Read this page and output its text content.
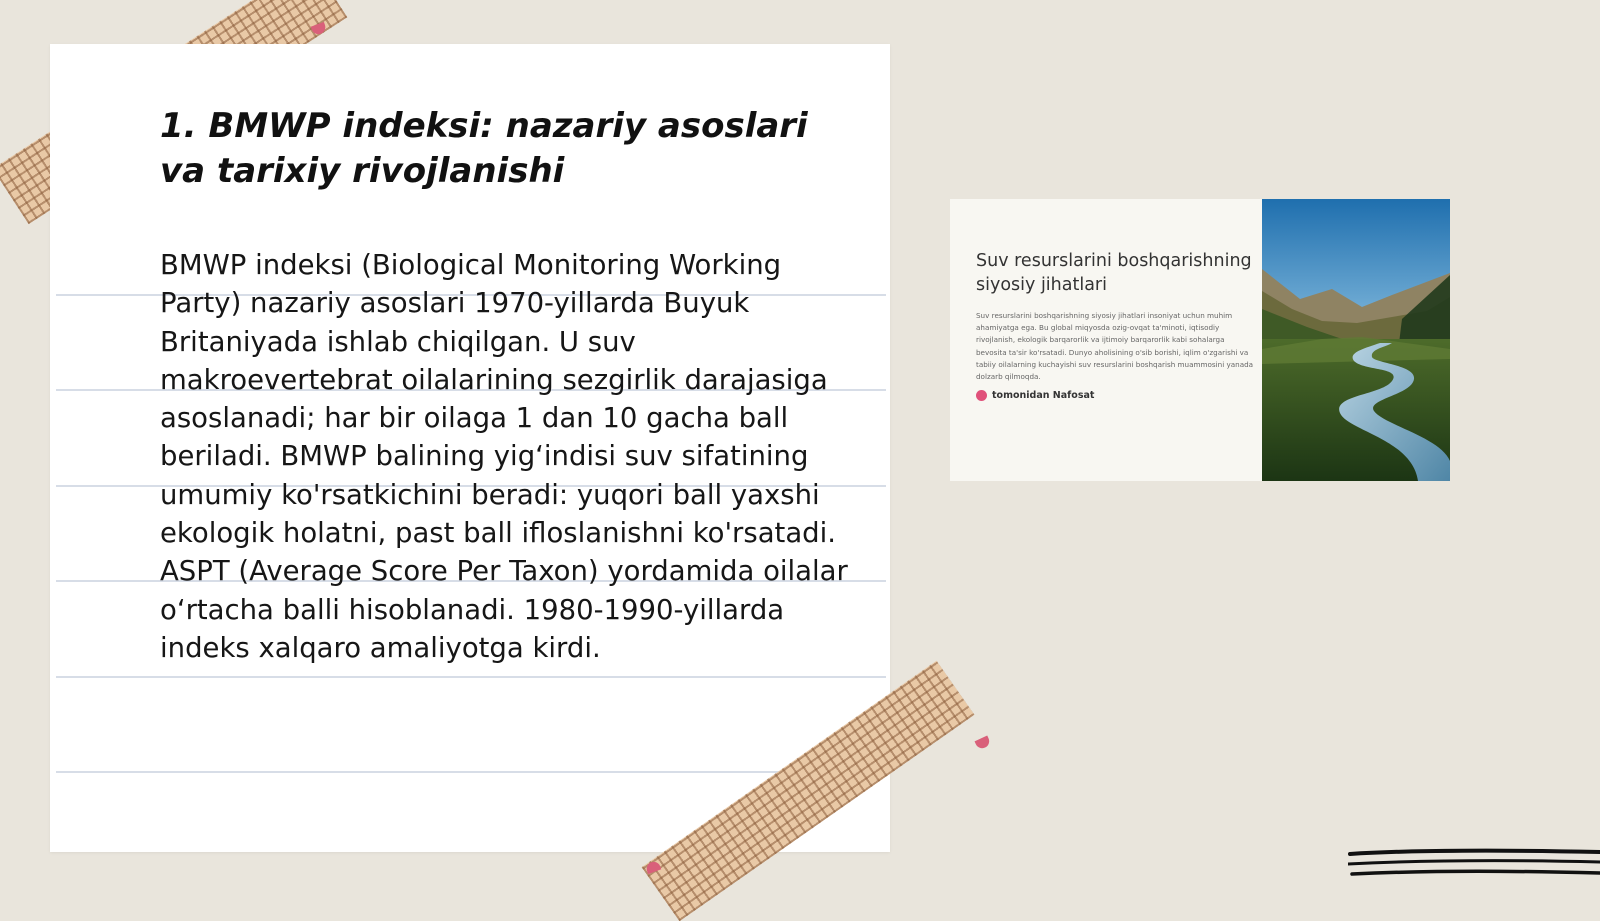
1. BMWP indeksi: nazariy asoslari va tarixiy rivojlanishi

BMWP indeksi (Biological Monitoring Working Party) nazariy asoslari 1970-yillarda Buyuk Britaniyada ishlab chiqilgan. U suv makroevertebrat oilalarining sezgirlik darajasiga asoslanadi; har bir oilaga 1 dan 10 gacha ball beriladi. BMWP balining yig‘indisi suv sifatining umumiy ko'rsatkichini beradi: yuqori ball yaxshi ekologik holatni, past ball ifloslanishni ko'rsatadi. ASPT (Average Score Per Taxon) yordamida oilalar o‘rtacha balli hisoblanadi. 1980-1990-yillarda indeks xalqaro amaliyotga kirdi.

Suv resurslarini boshqarishning siyosiy jihatlari

Suv resurslarini boshqarishning siyosiy jihatlari insoniyat uchun muhim ahamiyatga ega. Bu global miqyosda ozig-ovqat ta'minoti, iqtisodiy rivojlanish, ekologik barqarorlik va ijtimoiy barqarorlik kabi sohalarga bevosita ta'sir ko'rsatadi. Dunyo aholisining o'sib borishi, iqlim o'zgarishi va tabiiy oilalarning kuchayishi suv resurslarini boshqarish muammosini yanada dolzarb qilmoqda.

tomonidan Nafosat
